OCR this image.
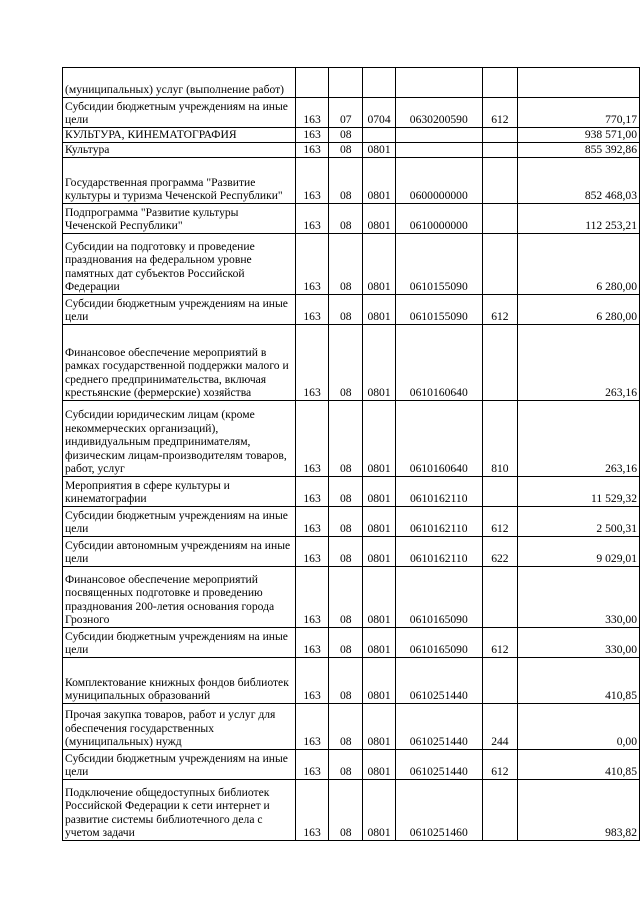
(муниципальных) услуг (выполнение работ)						
Субсидии бюджетным учреждениям на иные цели	163	07	0704	0630200590	612	770,17
КУЛЬТУРА, КИНЕМАТОГРАФИЯ	163	08				938 571,00
Культура	163	08	0801			855 392,86
Государственная программа "Развитие культуры и туризма Чеченской Республики"	163	08	0801	0600000000		852 468,03
Подпрограмма "Развитие культуры Чеченской Республики"	163	08	0801	0610000000		112 253,21
Субсидии на подготовку и проведение празднования на федеральном уровне памятных дат субъектов Российской Федерации	163	08	0801	0610155090		6 280,00
Субсидии бюджетным учреждениям на иные цели	163	08	0801	0610155090	612	6 280,00
Финансовое обеспечение мероприятий в рамках государственной поддержки малого и среднего предпринимательства, включая крестьянские (фермерские) хозяйства	163	08	0801	0610160640		263,16
Субсидии юридическим лицам (кроме некоммерческих организаций), индивидуальным предпринимателям, физическим лицам-производителям товаров, работ, услуг	163	08	0801	0610160640	810	263,16
Мероприятия в сфере культуры и кинематографии	163	08	0801	0610162110		11 529,32
Субсидии бюджетным учреждениям на иные цели	163	08	0801	0610162110	612	2 500,31
Субсидии автономным учреждениям на иные цели	163	08	0801	0610162110	622	9 029,01
Финансовое обеспечение мероприятий посвященных подготовке и проведению празднования 200-летия основания города Грозного	163	08	0801	0610165090		330,00
Субсидии бюджетным учреждениям на иные цели	163	08	0801	0610165090	612	330,00
Комплектование книжных фондов библиотек муниципальных образований	163	08	0801	0610251440		410,85
Прочая закупка товаров, работ и услуг для обеспечения государственных (муниципальных) нужд	163	08	0801	0610251440	244	0,00
Субсидии бюджетным учреждениям на иные цели	163	08	0801	0610251440	612	410,85
Подключение общедоступных библиотек Российской Федерации к сети интернет и развитие системы библиотечного дела с учетом задачи	163	08	0801	0610251460		983,82
